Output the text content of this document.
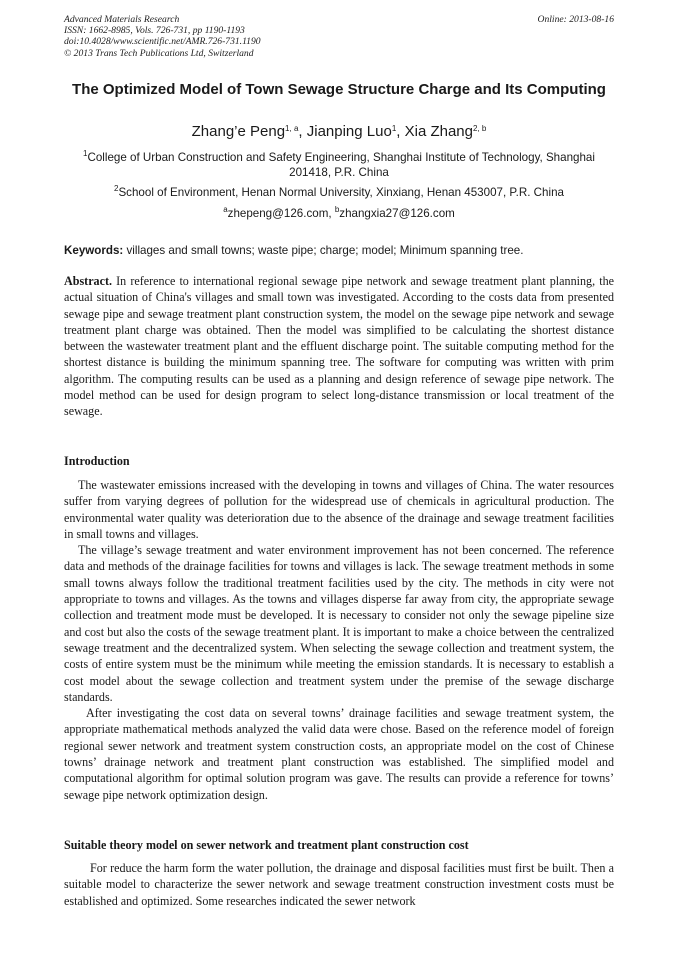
Advanced Materials Research
ISSN: 1662-8985, Vols. 726-731, pp 1190-1193
doi:10.4028/www.scientific.net/AMR.726-731.1190
© 2013 Trans Tech Publications Ltd, Switzerland
Online: 2013-08-16
The Optimized Model of Town Sewage Structure Charge and Its Computing
Zhang’e Peng$^{1, a}$, Jianping Luo$^1$, Xia Zhang$^{2, b}$
$^1$College of Urban Construction and Safety Engineering, Shanghai Institute of Technology, Shanghai 201418, P.R. China
$^2$School of Environment, Henan Normal University, Xinxiang, Henan 453007, P.R. China
$^a$zhepeng@126.com, $^b$zhangxia27@126.com
Keywords: villages and small towns; waste pipe; charge; model; Minimum spanning tree.
Abstract. In reference to international regional sewage pipe network and sewage treatment plant planning, the actual situation of China's villages and small town was investigated. According to the costs data from presented sewage pipe and sewage treatment plant construction system, the model on the sewage pipe network and sewage treatment plant charge was obtained. Then the model was simplified to be calculating the shortest distance between the wastewater treatment plant and the effluent discharge point. The suitable computing method for the shortest distance is building the minimum spanning tree. The software for computing was written with prim algorithm. The computing results can be used as a planning and design reference of sewage pipe network. The model method can be used for design program to select long-distance transmission or local treatment of the sewage.
Introduction

The wastewater emissions increased with the developing in towns and villages of China. The water resources suffer from varying degrees of pollution for the widespread use of chemicals in agricultural production. The environmental water quality was deterioration due to the absence of the drainage and sewage treatment facilities in small towns and villages.

The village’s sewage treatment and water environment improvement has not been concerned. The reference data and methods of the drainage facilities for towns and villages is lack. The sewage treatment methods in some small towns always follow the traditional treatment facilities used by the city. The methods in city were not appropriate to towns and villages. As the towns and villages disperse far away from city, the appropriate sewage collection and treatment mode must be developed. It is necessary to consider not only the sewage pipeline size and cost but also the costs of the sewage treatment plant. It is important to make a choice between the centralized sewage treatment and the decentralized system. When selecting the sewage collection and treatment system, the costs of entire system must be the minimum while meeting the emission standards. It is necessary to establish a cost model about the sewage collection and treatment system under the premise of the sewage discharge standards.

After investigating the cost data on several towns’ drainage facilities and sewage treatment system, the appropriate mathematical methods analyzed the valid data were chose. Based on the reference model of foreign regional sewer network and treatment system construction costs, an appropriate model on the cost of Chinese towns’ drainage network and treatment plant construction was established. The simplified model and computational algorithm for optimal solution program was gave. The results can provide a reference for towns’ sewage pipe network optimization design.

Suitable theory model on sewer network and treatment plant construction cost
For reduce the harm form the water pollution, the drainage and disposal facilities must first be built. Then a suitable model to characterize the sewer network and sewage treatment construction investment costs must be established and optimized. Some researches indicated the sewer network
